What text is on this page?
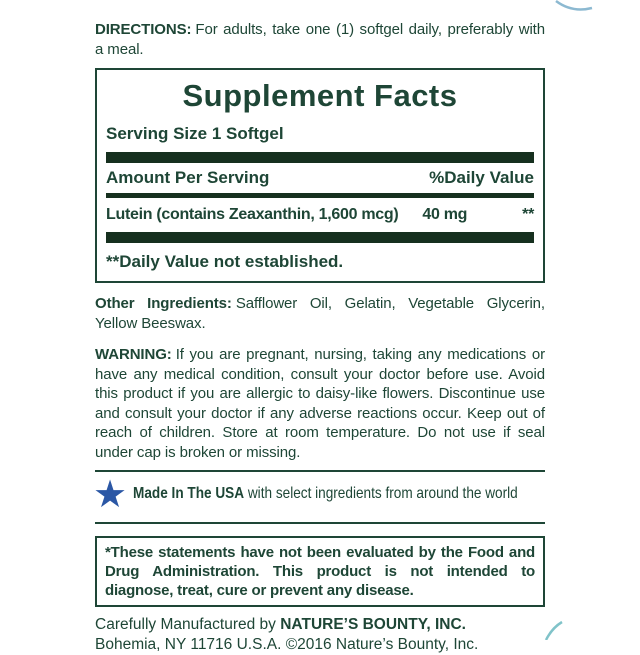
DIRECTIONS: For adults, take one (1) softgel daily, preferably with a meal.

Supplement Facts
Serving Size 1 Softgel
Amount Per Serving	%Daily Value
Lutein (contains Zeaxanthin, 1,600 mcg)	40 mg	**
**Daily Value not established.

Other Ingredients: Safflower Oil, Gelatin, Vegetable Glycerin, Yellow Beeswax.

WARNING: If you are pregnant, nursing, taking any medications or have any medical condition, consult your doctor before use. Avoid this product if you are allergic to daisy-like flowers. Discontinue use and consult your doctor if any adverse reactions occur. Keep out of reach of children. Store at room temperature. Do not use if seal under cap is broken or missing.

★ Made In The USA with select ingredients from around the world
*These statements have not been evaluated by the Food and Drug Administration. This product is not intended to diagnose, treat, cure or prevent any disease.
Carefully Manufactured by NATURE’S BOUNTY, INC.
Bohemia, NY 11716 U.S.A. ©2016 Nature’s Bounty, Inc.
